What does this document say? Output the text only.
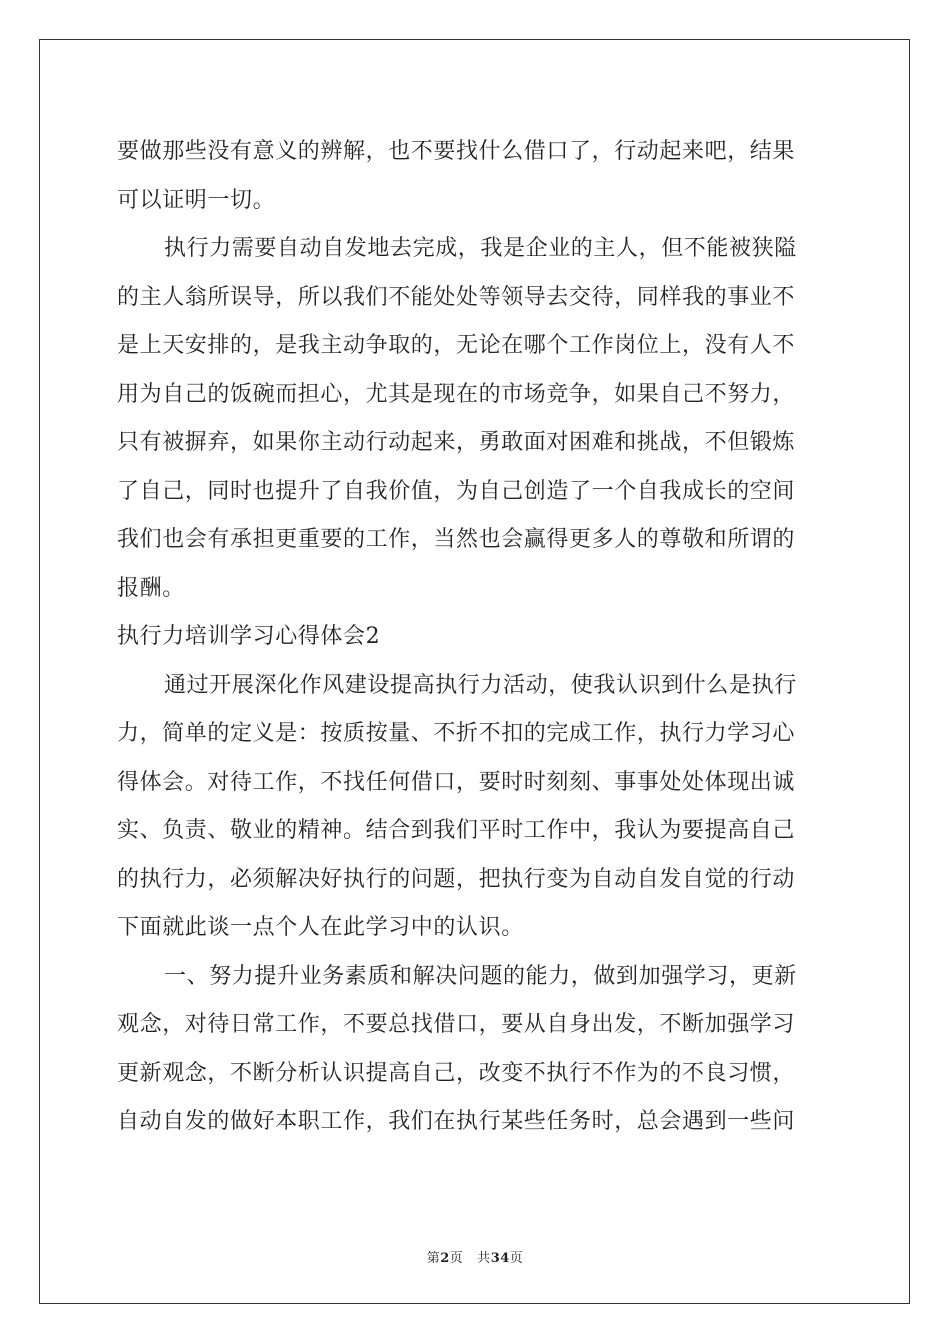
要做那些没有意义的辨解，也不要找什么借口了，行动起来吧，结果
可以证明一切。
执行力需要自动自发地去完成，我是企业的主人，但不能被狭隘
的主人翁所误导，所以我们不能处处等领导去交待，同样我的事业不
是上天安排的，是我主动争取的，无论在哪个工作岗位上，没有人不
用为自己的饭碗而担心，尤其是现在的市场竞争，如果自己不努力，
只有被摒弃，如果你主动行动起来，勇敢面对困难和挑战，不但锻炼
了自己，同时也提升了自我价值，为自己创造了一个自我成长的空间
我们也会有承担更重要的工作，当然也会赢得更多人的尊敬和所谓的
报酬。
执行力培训学习心得体会2
通过开展深化作风建设提高执行力活动，使我认识到什么是执行
力，简单的定义是：按质按量、不折不扣的完成工作，执行力学习心
得体会。对待工作，不找任何借口，要时时刻刻、事事处处体现出诚
实、负责、敬业的精神。结合到我们平时工作中，我认为要提高自己
的执行力，必须解决好执行的问题，把执行变为自动自发自觉的行动
下面就此谈一点个人在此学习中的认识。
一、努力提升业务素质和解决问题的能力，做到加强学习，更新
观念，对待日常工作，不要总找借口，要从自身出发，不断加强学习
更新观念，不断分析认识提高自己，改变不执行不作为的不良习惯，
自动自发的做好本职工作，我们在执行某些任务时，总会遇到一些问
第2页 共34页
